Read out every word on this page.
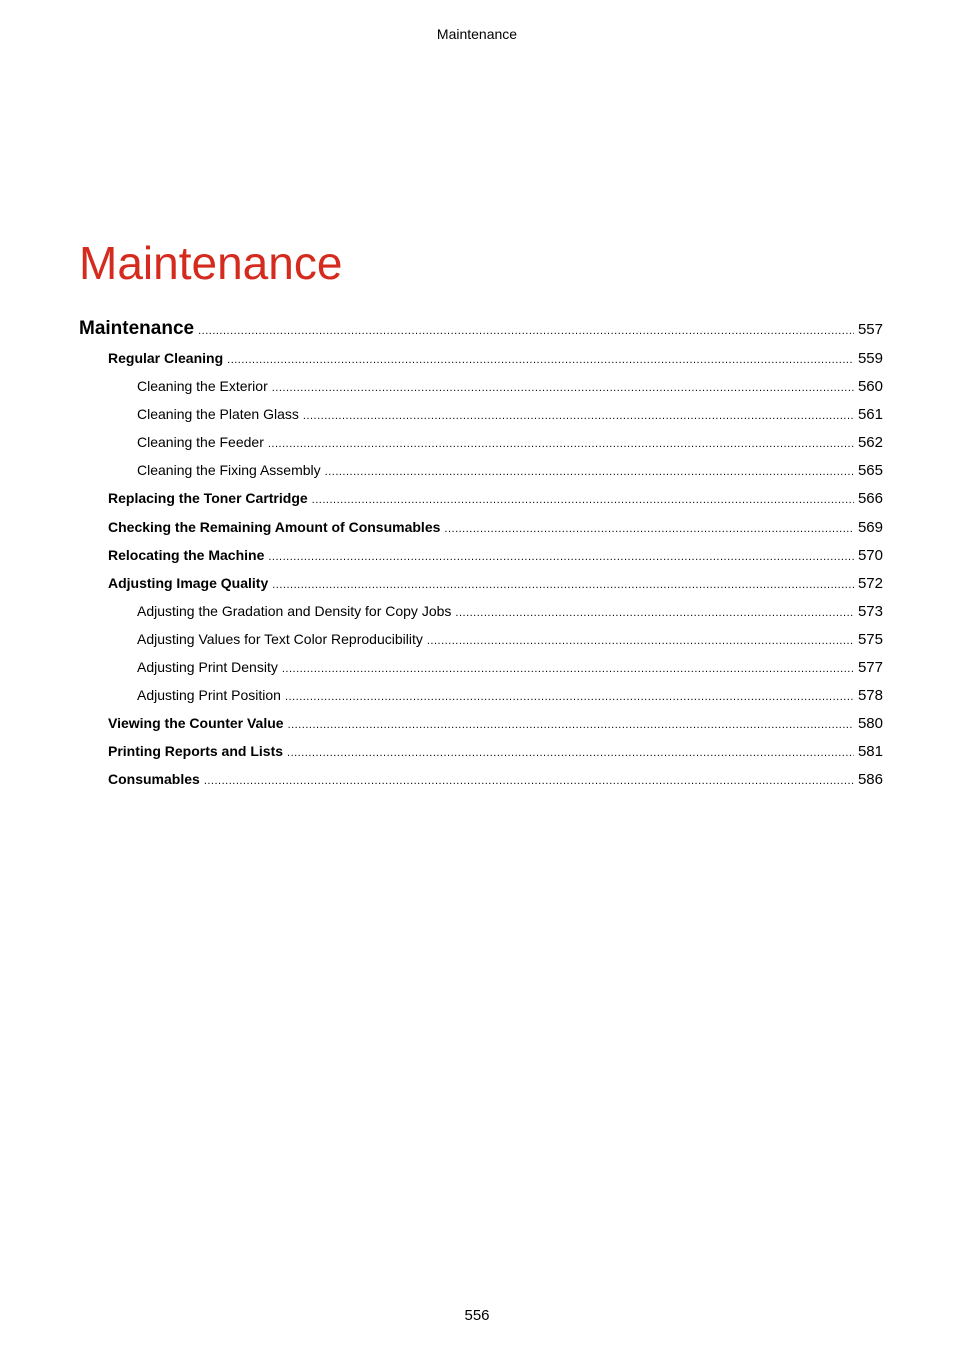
Maintenance
Maintenance
Maintenance .....	557
Regular Cleaning .....	559
Cleaning the Exterior .....	560
Cleaning the Platen Glass .....	561
Cleaning the Feeder .....	562
Cleaning the Fixing Assembly .....	565
Replacing the Toner Cartridge .....	566
Checking the Remaining Amount of Consumables .....	569
Relocating the Machine .....	570
Adjusting Image Quality .....	572
Adjusting the Gradation and Density for Copy Jobs .....	573
Adjusting Values for Text Color Reproducibility .....	575
Adjusting Print Density .....	577
Adjusting Print Position .....	578
Viewing the Counter Value .....	580
Printing Reports and Lists .....	581
Consumables .....	586
556
